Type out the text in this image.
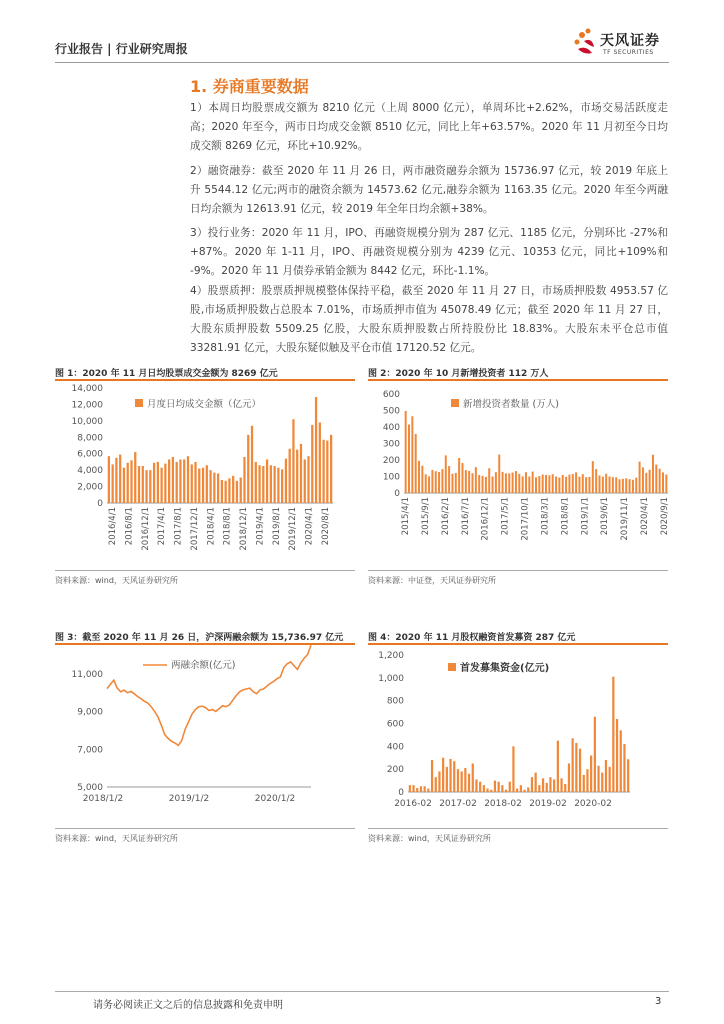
行业报告 | 行业研究周报	天风证券
TF SECURITIES
1. 券商重要数据

1）本周日均股票成交额为 8210 亿元（上周 8000 亿元），单周环比+2.62%，市场交易活跃度走高；2020 年至今，两市日均成交金额 8510 亿元，同比上年+63.57%。2020 年 11 月初至今日均成交额 8269 亿元，环比+10.92%。

2）融资融券：截至 2020 年 11 月 26 日，两市融资融券余额为 15736.97 亿元，较 2019 年底上升 5544.12 亿元;两市的融资余额为 14573.62 亿元,融券余额为 1163.35 亿元。2020 年至今两融日均余额为 12613.91 亿元，较 2019 年全年日均余额+38%。

3）投行业务：2020 年 11 月，IPO、再融资规模分别为 287 亿元、1185 亿元，分别环比 -27%和+87%。2020 年 1-11 月，IPO、再融资规模分别为 4239 亿元、10353 亿元，同比+109%和 -9%。2020 年 11 月债券承销金额为 8442 亿元，环比-1.1%。

4）股票质押：股票质押规模整体保持平稳，截至 2020 年 11 月 27 日，市场质押股数 4953.57 亿股,市场质押股数占总股本 7.01%，市场质押市值为 45078.49 亿元；截至 2020 年 11 月 27 日，大股东质押股数 5509.25 亿股，大股东质押股数占所持股份比 18.83%。大股东未平仓总市值 33281.91 亿元，大股东疑似触及平仓市值 17120.52 亿元。

图 1：2020 年 11 月日均股票成交金额为 8269 亿元
14,000
12,000
10,000
8,000
6,000
4,000
2,000
0
2016/4/1 2016/8/1 2016/12/1 2017/4/1 2017/8/1 2017/12/1 2018/4/1 2018/8/1 2018/12/1 2019/4/1 2019/8/1 2019/12/1 2020/4/1 2020/8/1
月度日均成交金额（亿元）
资料来源：wind，天风证券研究所
图 2：2020 年 10 月新增投资者 112 万人
600
500
400
300
200
100
0
2015/4/1 2015/9/1 2016/2/1 2016/7/1 2016/12/1 2017/5/1 2017/10/1 2018/3/1 2018/8/1 2019/1/1 2019/6/1 2019/11/1 2020/4/1 2020/9/1
新增投资者数量 (万人)
资料来源：中证登，天风证券研究所
图 3：截至 2020 年 11 月 26 日，沪深两融余额为 15,736.97 亿元
11,000
9,000
7,000
5,000
2018/1/2	2019/1/2	2020/1/2
两融余额(亿元)
资料来源：wind，天风证券研究所
图 4：2020 年 11 月股权融资首发募资 287 亿元
1,200
1,000
800
600
400
200
0
2016-02 2017-02 2018-02 2019-02 2020-02
首发募集资金(亿元)
资料来源：wind，天风证券研究所
请务必阅读正文之后的信息披露和免责申明	3
